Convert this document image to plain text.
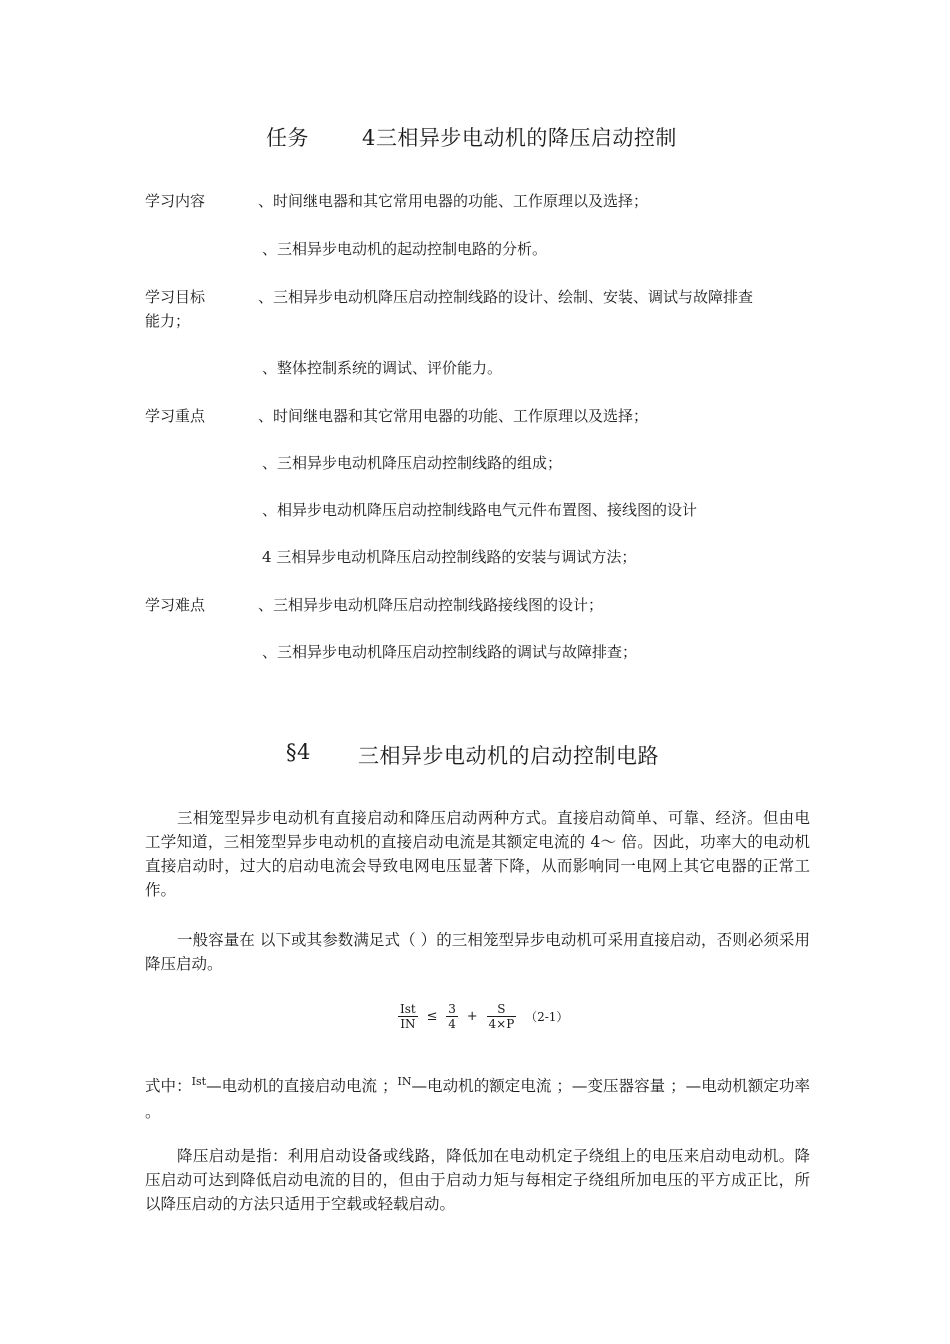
任务	4三相异步电动机的降压启动控制
学习内容	、时间继电器和其它常用电器的功能、工作原理以及选择；
、三相异步电动机的起动控制电路的分析。
学习目标	、三相异步电动机降压启动控制线路的设计、绘制、安装、调试与故障排查
能力；
、整体控制系统的调试、评价能力。
学习重点	、时间继电器和其它常用电器的功能、工作原理以及选择；
、三相异步电动机降压启动控制线路的组成；
、相异步电动机降压启动控制线路电气元件布置图、接线图的设计
4 三相异步电动机降压启动控制线路的安装与调试方法；
学习难点	、三相异步电动机降压启动控制线路接线图的设计；
、三相异步电动机降压启动控制线路的调试与故障排查；
§4 三相异步电动机的启动控制电路
三相笼型异步电动机有直接启动和降压启动两种方式。直接启动简单、可靠、经济。但由电工学知道，三相笼型异步电动机的直接启动电流是其额定电流的 4～ 倍。因此，功率大的电动机直接启动时，过大的启动电流会导致电网电压显著下降，从而影响同一电网上其它电器的正常工作。
一般容量在 以下或其参数满足式（ ）的三相笼型异步电动机可采用直接启动，否则必须采用降压启动。
$\frac{\text{Ist}}{IN} \le \frac{3}{4} + \frac{S}{4\times P} (2-1)$
式中：$^{Ist}$—电动机的直接启动电流 ；$^{IN}$—电动机的额定电流 ；—变压器容量 ；—电动机额定功率 。
降压启动是指：利用启动设备或线路，降低加在电动机定子绕组上的电压来启动电动机。降压启动可达到降低启动电流的目的，但由于启动力矩与每相定子绕组所加电压的平方成正比，所以降压启动的方法只适用于空载或轻载启动。
